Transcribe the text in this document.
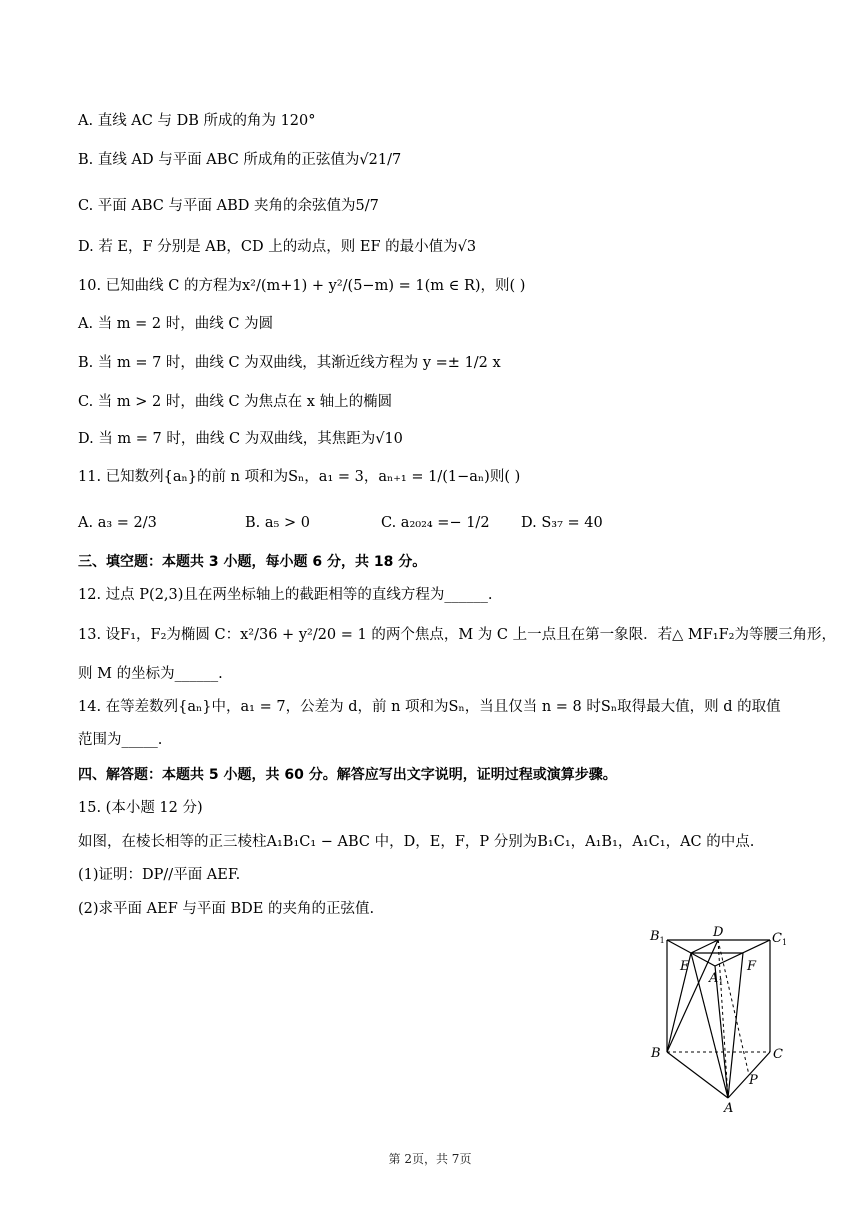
A. 直线 AC 与 DB 所成的角为 120°
B. 直线 AD 与平面 ABC 所成角的正弦值为√21/7
C. 平面 ABC 与平面 ABD 夹角的余弦值为5/7
D. 若 E，F 分别是 AB，CD 上的动点，则 EF 的最小值为√3
10. 已知曲线 C 的方程为x²/(m+1) + y²/(5−m) = 1(m ∈ R)，则( )
A. 当 m = 2 时，曲线 C 为圆
B. 当 m = 7 时，曲线 C 为双曲线，其渐近线方程为 y =± 1/2 x
C. 当 m > 2 时，曲线 C 为焦点在 x 轴上的椭圆
D. 当 m = 7 时，曲线 C 为双曲线，其焦距为√10
11. 已知数列{aₙ}的前 n 项和为Sₙ，a₁ = 3，aₙ₊₁ = 1/(1−aₙ)则( )
A. a₃ = 2/3	B. a₅ > 0	C. a₂₀₂₄ =− 1/2 D. S₃₇ = 40
三、填空题：本题共 3 小题，每小题 6 分，共 18 分。
12. 过点 P(2,3)且在两坐标轴上的截距相等的直线方程为______.
13. 设F₁，F₂为椭圆 C：x²/36 + y²/20 = 1 的两个焦点，M 为 C 上一点且在第一象限．若△ MF₁F₂为等腰三角形，
则 M 的坐标为______.
14. 在等差数列{aₙ}中，a₁ = 7，公差为 d，前 n 项和为Sₙ，当且仅当 n = 8 时Sₙ取得最大值，则 d 的取值
范围为_____.
四、解答题：本题共 5 小题，共 60 分。解答应写出文字说明，证明过程或演算步骤。
15. (本小题 12 分)
如图，在棱长相等的正三棱柱A₁B₁C₁ − ABC 中，D，E，F，P 分别为B₁C₁，A₁B₁，A₁C₁，AC 的中点.
(1)证明：DP//平面 AEF.
(2)求平面 AEF 与平面 BDE 的夹角的正弦值.
$B_1$
D	$C_1$
E	F
$A_1$
B	C
P
A
第 2页，共 7页
